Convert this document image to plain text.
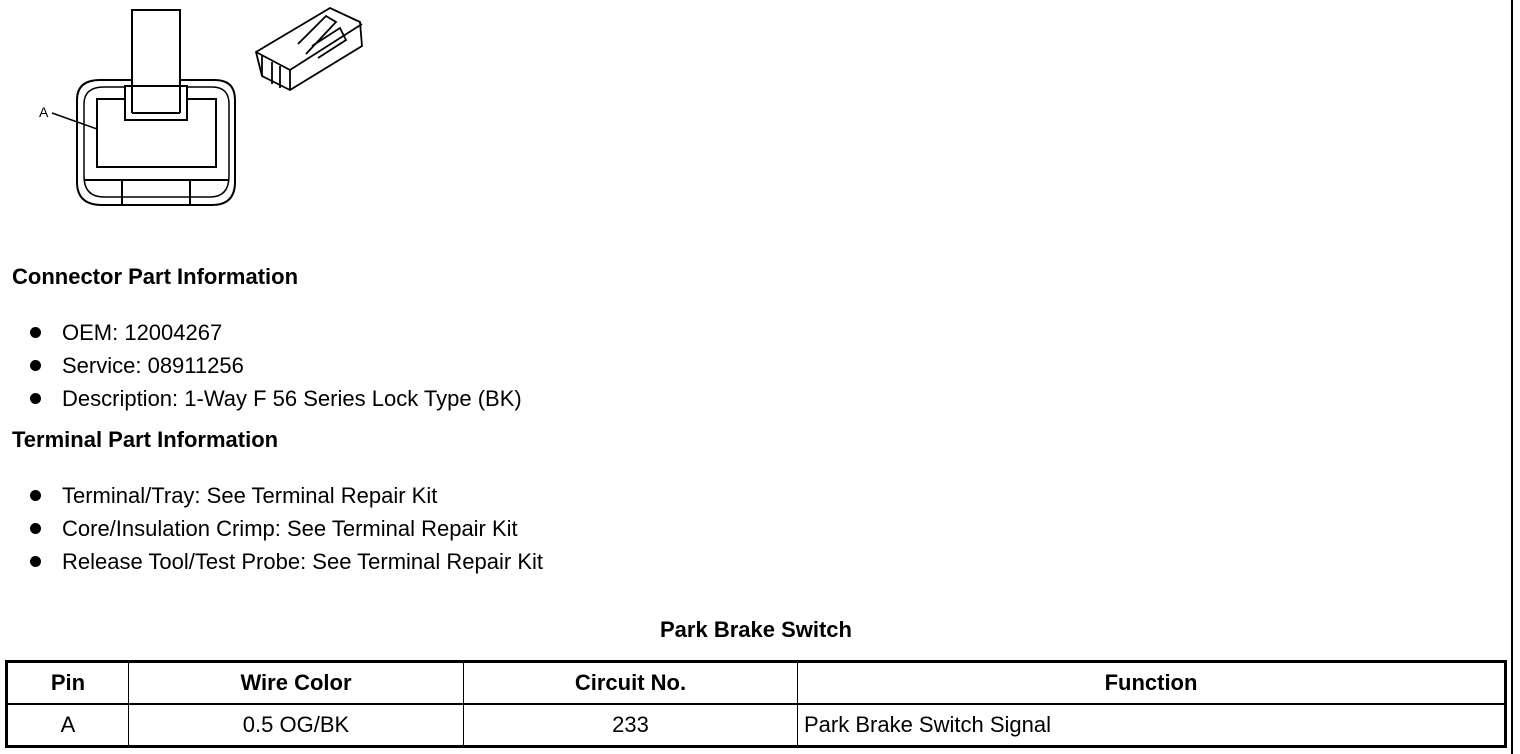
A
Connector Part Information
OEM: 12004267
Service: 08911256
Description: 1-Way F 56 Series Lock Type (BK)
Terminal Part Information
Terminal/Tray: See Terminal Repair Kit
Core/Insulation Crimp: See Terminal Repair Kit
Release Tool/Test Probe: See Terminal Repair Kit
Park Brake Switch
Pin	Wire Color	Circuit No.	Function
A	0.5 OG/BK	233	Park Brake Switch Signal
